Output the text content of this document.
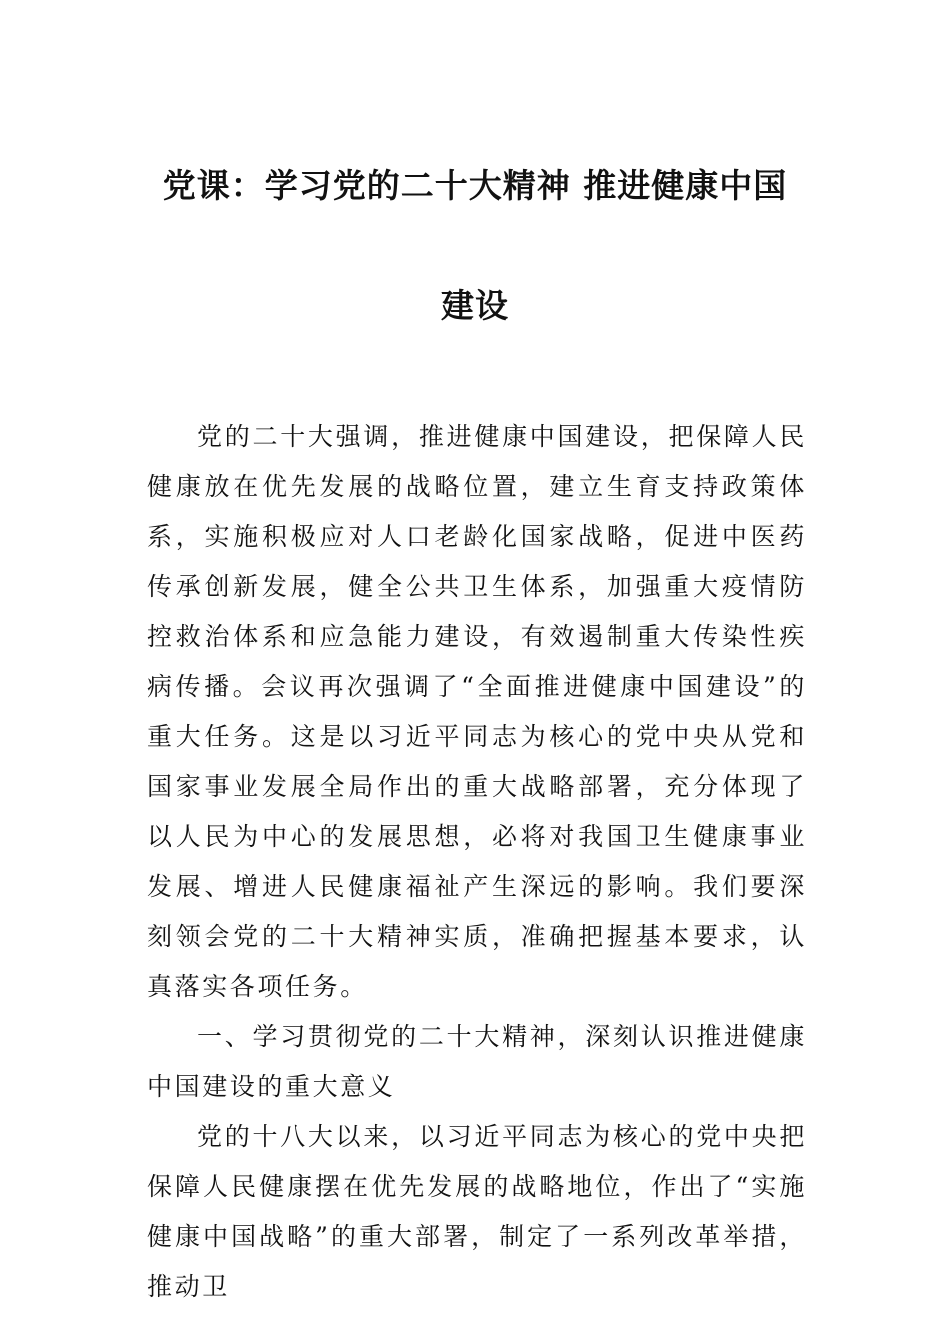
党课：学习党的二十大精神 推进健康中国
建设

党的二十大强调，推进健康中国建设，把保障人民健康放在优先发展的战略位置，建立生育支持政策体系，实施积极应对人口老龄化国家战略，促进中医药传承创新发展，健全公共卫生体系，加强重大疫情防控救治体系和应急能力建设，有效遏制重大传染性疾病传播。会议再次强调了“全面推进健康中国建设”的重大任务。这是以习近平同志为核心的党中央从党和国家事业发展全局作出的重大战略部署，充分体现了以人民为中心的发展思想，必将对我国卫生健康事业发展、增进人民健康福祉产生深远的影响。我们要深刻领会党的二十大精神实质，准确把握基本要求，认真落实各项任务。

一、学习贯彻党的二十大精神，深刻认识推进健康中国建设的重大意义

党的十八大以来，以习近平同志为核心的党中央把保障人民健康摆在优先发展的战略地位，作出了“实施健康中国战略”的重大部署，制定了一系列改革举措，推动卫
